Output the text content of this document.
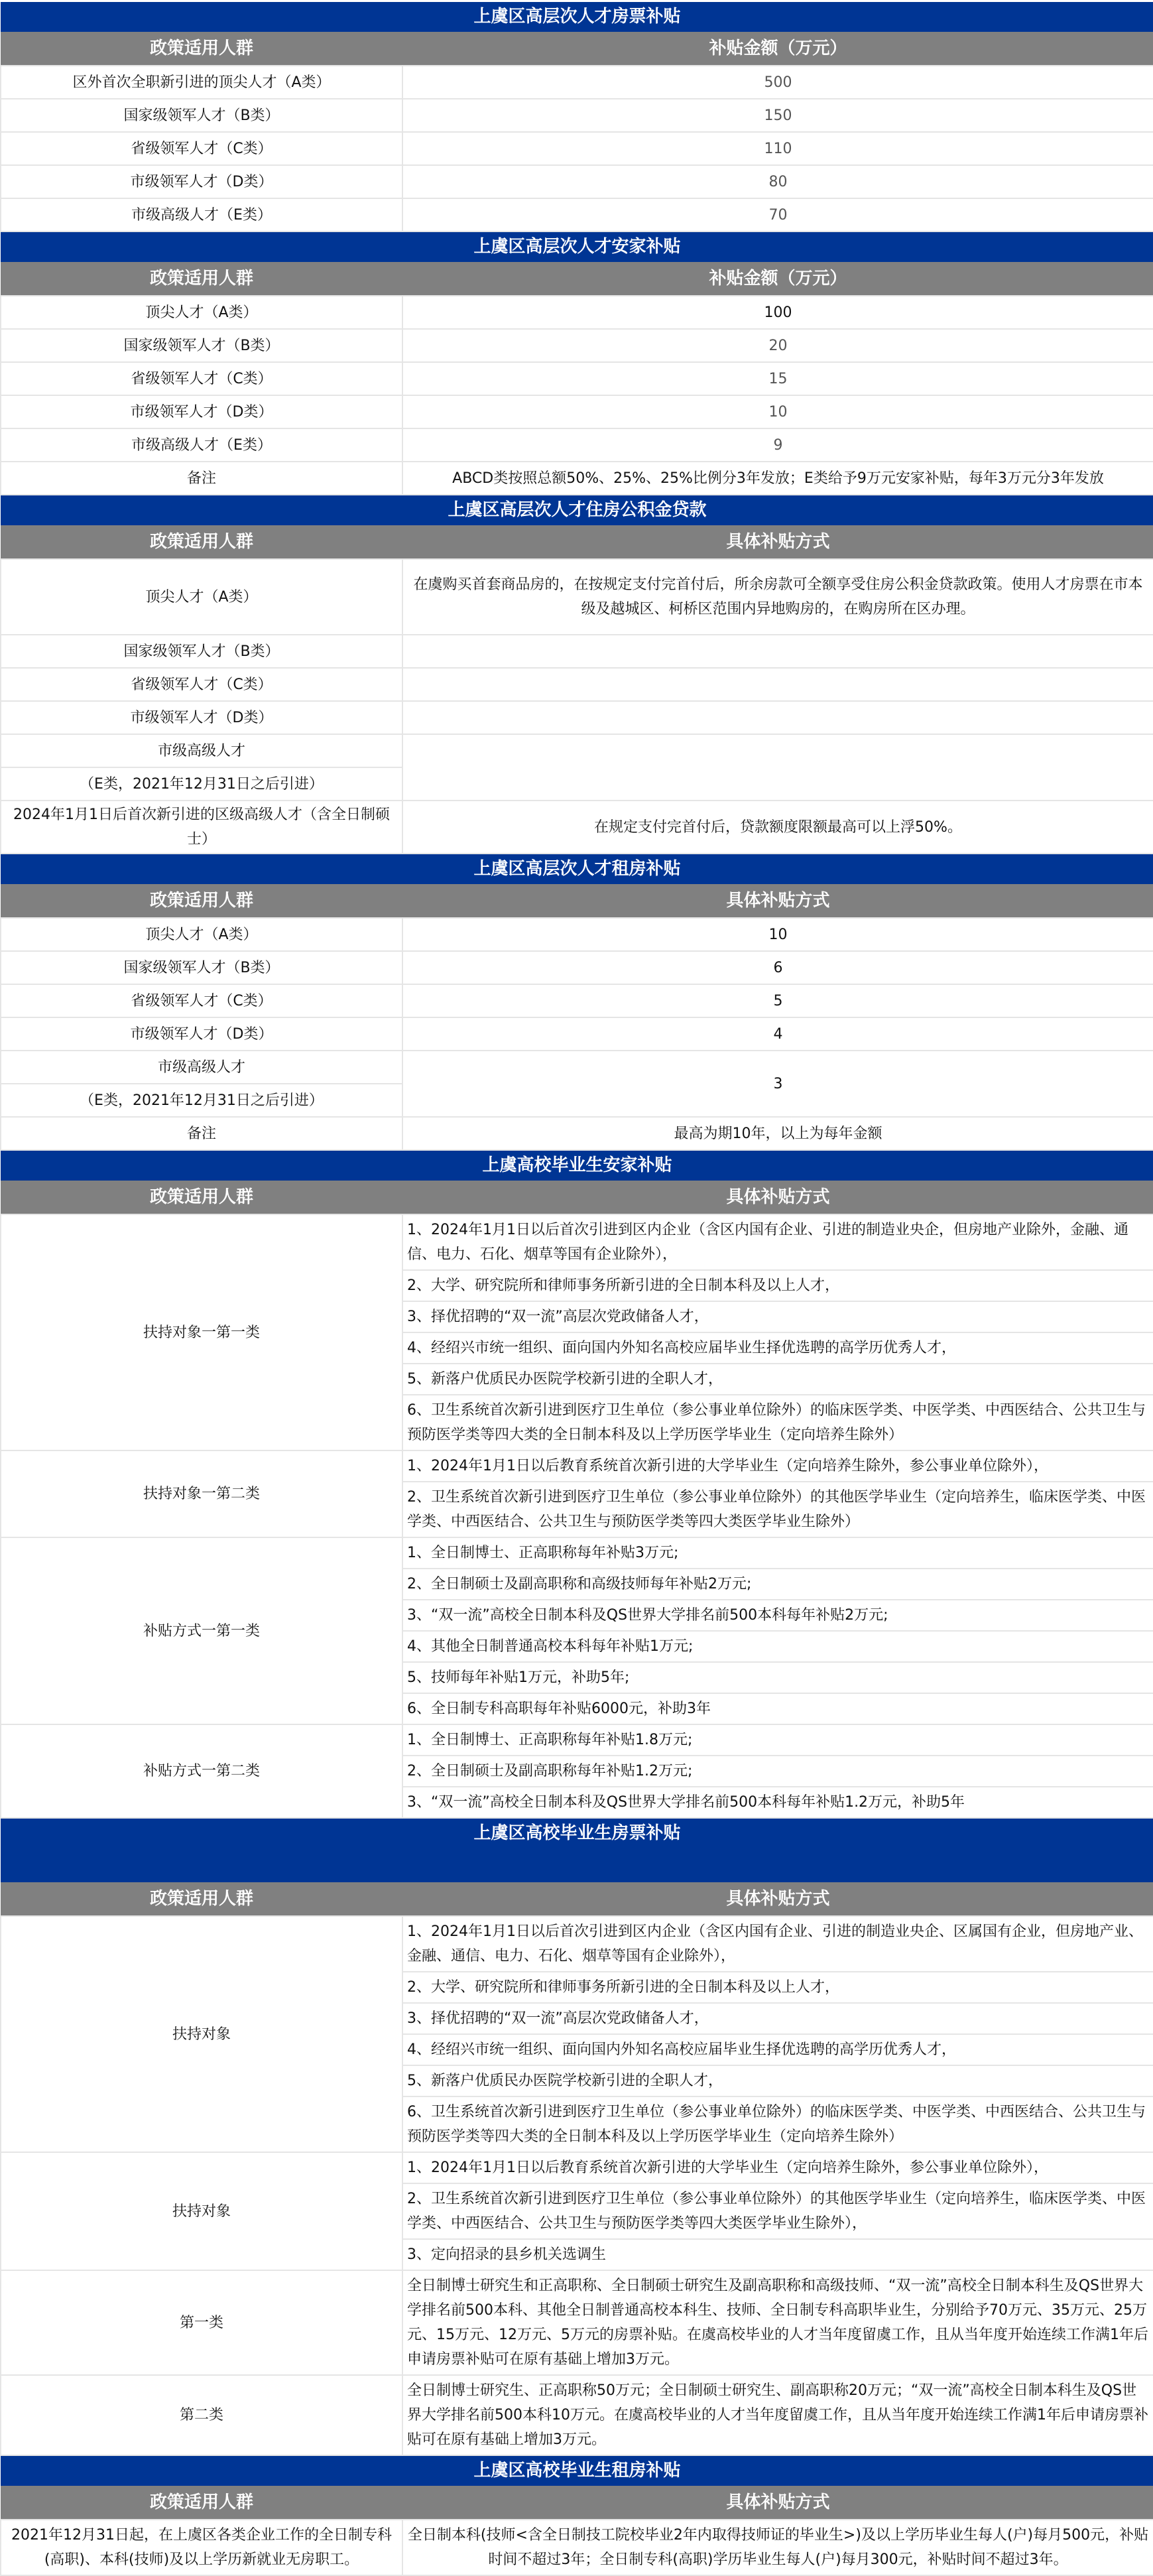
上虞区高层次人才房票补贴	
政策适用人群	补贴金额（万元）
区外首次全职新引进的顶尖人才（A类）	500
国家级领军人才（B类）	150
省级领军人才（C类）	110
市级领军人才（D类）	80
市级高级人才（E类）	70
上虞区高层次人才安家补贴	
政策适用人群	补贴金额（万元）
顶尖人才（A类）	100
国家级领军人才（B类）	20
省级领军人才（C类）	15
市级领军人才（D类）	10
市级高级人才（E类）	9
备注	ABCD类按照总额50%、25%、25%比例分3年发放；E类给予9万元安家补贴，每年3万元分3年发放
上虞区高层次人才住房公积金贷款	
政策适用人群	具体补贴方式
顶尖人才（A类）	在虞购买首套商品房的，在按规定支付完首付后，所余房款可全额享受住房公积金贷款政策。使用人才房票在市本级及越城区、柯桥区范围内异地购房的，在购房所在区办理。
国家级领军人才（B类）	
省级领军人才（C类）	
市级领军人才（D类）	
市级高级人才	
（E类，2021年12月31日之后引进）	
2024年1月1日后首次新引进的区级高级人才（含全日制硕士）	在规定支付完首付后，贷款额度限额最高可以上浮50%。
上虞区高层次人才租房补贴	
政策适用人群	具体补贴方式
顶尖人才（A类）	10
国家级领军人才（B类）	6
省级领军人才（C类）	5
市级领军人才（D类）	4
市级高级人才	3
（E类，2021年12月31日之后引进）	
备注	最高为期10年，以上为每年金额
上虞高校毕业生安家补贴	
政策适用人群	具体补贴方式
扶持对象一第一类	1、2024年1月1日以后首次引进到区内企业（含区内国有企业、引进的制造业央企，但房地产业除外，金融、通信、电力、石化、烟草等国有企业除外），
	2、大学、研究院所和律师事务所新引进的全日制本科及以上人才，
	3、择优招聘的“双一流”高层次党政储备人才，
	4、经绍兴市统一组织、面向国内外知名高校应届毕业生择优选聘的高学历优秀人才，
	5、新落户优质民办医院学校新引进的全职人才，
	6、卫生系统首次新引进到医疗卫生单位（参公事业单位除外）的临床医学类、中医学类、中西医结合、公共卫生与预防医学类等四大类的全日制本科及以上学历医学毕业生（定向培养生除外）
扶持对象一第二类	1、2024年1月1日以后教育系统首次新引进的大学毕业生（定向培养生除外，参公事业单位除外），
	2、卫生系统首次新引进到医疗卫生单位（参公事业单位除外）的其他医学毕业生（定向培养生，临床医学类、中医学类、中西医结合、公共卫生与预防医学类等四大类医学毕业生除外）
补贴方式一第一类	1、全日制博士、正高职称每年补贴3万元;
	2、全日制硕士及副高职称和高级技师每年补贴2万元;
	3、“双一流”高校全日制本科及QS世界大学排名前500本科每年补贴2万元;
	4、其他全日制普通高校本科每年补贴1万元;
	5、技师每年补贴1万元，补助5年;
	6、全日制专科高职每年补贴6000元，补助3年
补贴方式一第二类	1、全日制博士、正高职称每年补贴1.8万元;
	2、全日制硕士及副高职称每年补贴1.2万元;
	3、“双一流”高校全日制本科及QS世界大学排名前500本科每年补贴1.2万元，补助5年
上虞区高校毕业生房票补贴	
政策适用人群	具体补贴方式
扶持对象	1、2024年1月1日以后首次引进到区内企业（含区内国有企业、引进的制造业央企、区属国有企业，但房地产业、金融、通信、电力、石化、烟草等国有企业除外），
	2、大学、研究院所和律师事务所新引进的全日制本科及以上人才，
	3、择优招聘的“双一流”高层次党政储备人才，
	4、经绍兴市统一组织、面向国内外知名高校应届毕业生择优选聘的高学历优秀人才，
	5、新落户优质民办医院学校新引进的全职人才，
	6、卫生系统首次新引进到医疗卫生单位（参公事业单位除外）的临床医学类、中医学类、中西医结合、公共卫生与预防医学类等四大类的全日制本科及以上学历医学毕业生（定向培养生除外）
扶持对象	1、2024年1月1日以后教育系统首次新引进的大学毕业生（定向培养生除外，参公事业单位除外），
	2、卫生系统首次新引进到医疗卫生单位（参公事业单位除外）的其他医学毕业生（定向培养生，临床医学类、中医学类、中西医结合、公共卫生与预防医学类等四大类医学毕业生除外），
	3、定向招录的县乡机关选调生
第一类	全日制博士研究生和正高职称、全日制硕士研究生及副高职称和高级技师、“双一流”高校全日制本科生及QS世界大学排名前500本科、其他全日制普通高校本科生、技师、全日制专科高职毕业生，分别给予70万元、35万元、25万元、15万元、12万元、5万元的房票补贴。在虞高校毕业的人才当年度留虞工作，且从当年度开始连续工作满1年后申请房票补贴可在原有基础上增加3万元。
第二类	全日制博士研究生、正高职称50万元；全日制硕士研究生、副高职称20万元；“双一流”高校全日制本科生及QS世界大学排名前500本科10万元。在虞高校毕业的人才当年度留虞工作，且从当年度开始连续工作满1年后申请房票补贴可在原有基础上增加3万元。
上虞区高校毕业生租房补贴	
政策适用人群	具体补贴方式
2021年12月31日起，在上虞区各类企业工作的全日制专科(高职)、本科(技师)及以上学历新就业无房职工。	全日制本科(技师<含全日制技工院校毕业2年内取得技师证的毕业生>)及以上学历毕业生每人(户)每月500元，补贴时间不超过3年；全日制专科(高职)学历毕业生每人(户)每月300元，补贴时间不超过3年。
